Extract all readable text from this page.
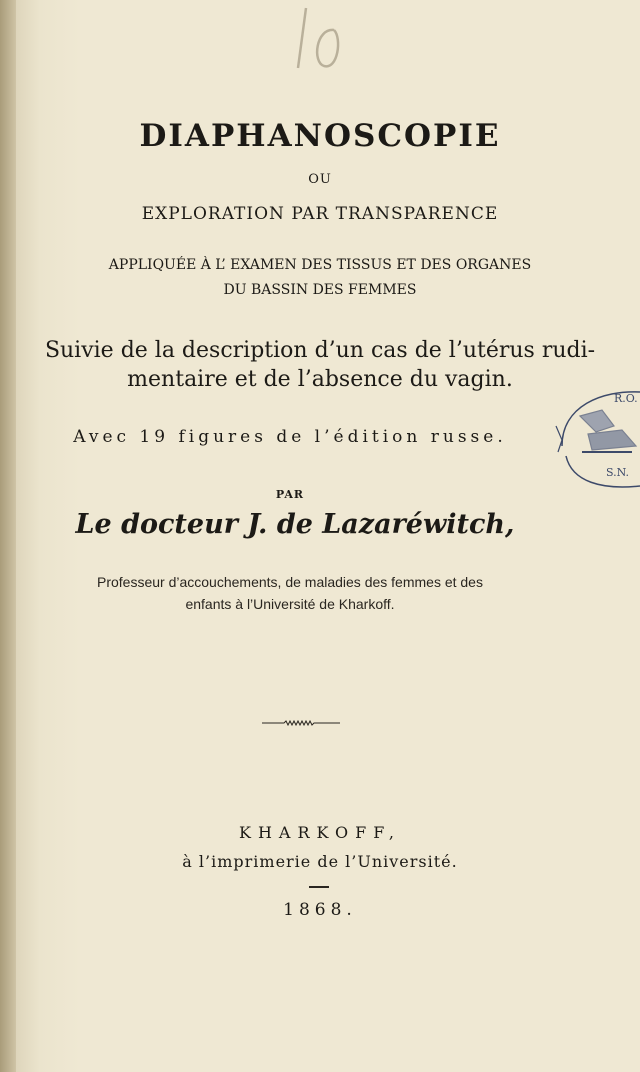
DIAPHANOSCOPIE
OU
EXPLORATION PAR TRANSPARENCE
APPLIQUÉE À L’ EXAMEN DES TISSUS ET DES ORGANES
DU BASSIN DES FEMMES
Suivie de la description d’un cas de l’utérus rudi-
mentaire et de l’absence du vagin.
Avec 19 figures de l’édition russe.
PAR
Le docteur J. de Lazaréwitch,
Professeur d’accouchements, de maladies des femmes et des
enfants à l’Université de Kharkoff.
KHARKOFF,
à l’imprimerie de l’Université.
1868.
R.O.
S.N.
